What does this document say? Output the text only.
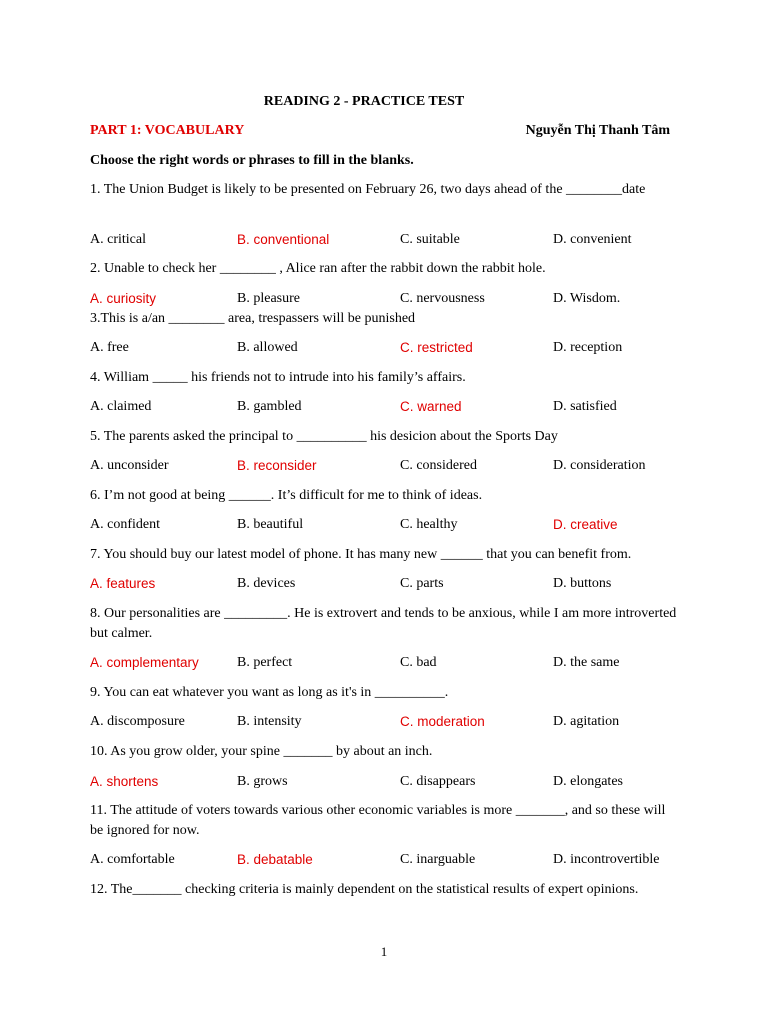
READING 2 - PRACTICE TEST
PART 1: VOCABULARY	Nguyễn Thị Thanh Tâm
Choose the right words or phrases to fill in the blanks.
1. The Union Budget is likely to be presented on February 26, two days ahead of the ________date
A. critical	B. conventional	C. suitable	D. convenient
2. Unable to check her ________ , Alice ran after the rabbit down the rabbit hole.
A. curiosity	B. pleasure	C. nervousness	D. Wisdom.
3.This is a/an ________ area, trespassers will be punished
A. free	B. allowed	C. restricted	D. reception
4. William _____ his friends not to intrude into his family’s affairs.
A. claimed	B. gambled	C. warned	D. satisfied
5. The parents asked the principal to __________ his desicion about the Sports Day
A. unconsider	B. reconsider	C. considered	D. consideration
6. I’m not good at being ______. It’s difficult for me to think of ideas.
A. confident	B. beautiful	C. healthy	D. creative
7. You should buy our latest model of phone. It has many new ______ that you can benefit from.
A. features	B. devices	C. parts	D. buttons
8. Our personalities are _________. He is extrovert and tends to be anxious, while I am more introverted but calmer.
A. complementary	B. perfect	C. bad	D. the same
9. You can eat whatever you want as long as it's in __________.
A. discomposure	B. intensity	C. moderation	D. agitation
10. As you grow older, your spine _______ by about an inch.
A. shortens	B. grows	C. disappears	D. elongates
11. The attitude of voters towards various other economic variables is more _______, and so these will be ignored for now.
A. comfortable	B. debatable	C. inarguable	D. incontrovertible
12. The_______ checking criteria is mainly dependent on the statistical results of expert opinions.
1
